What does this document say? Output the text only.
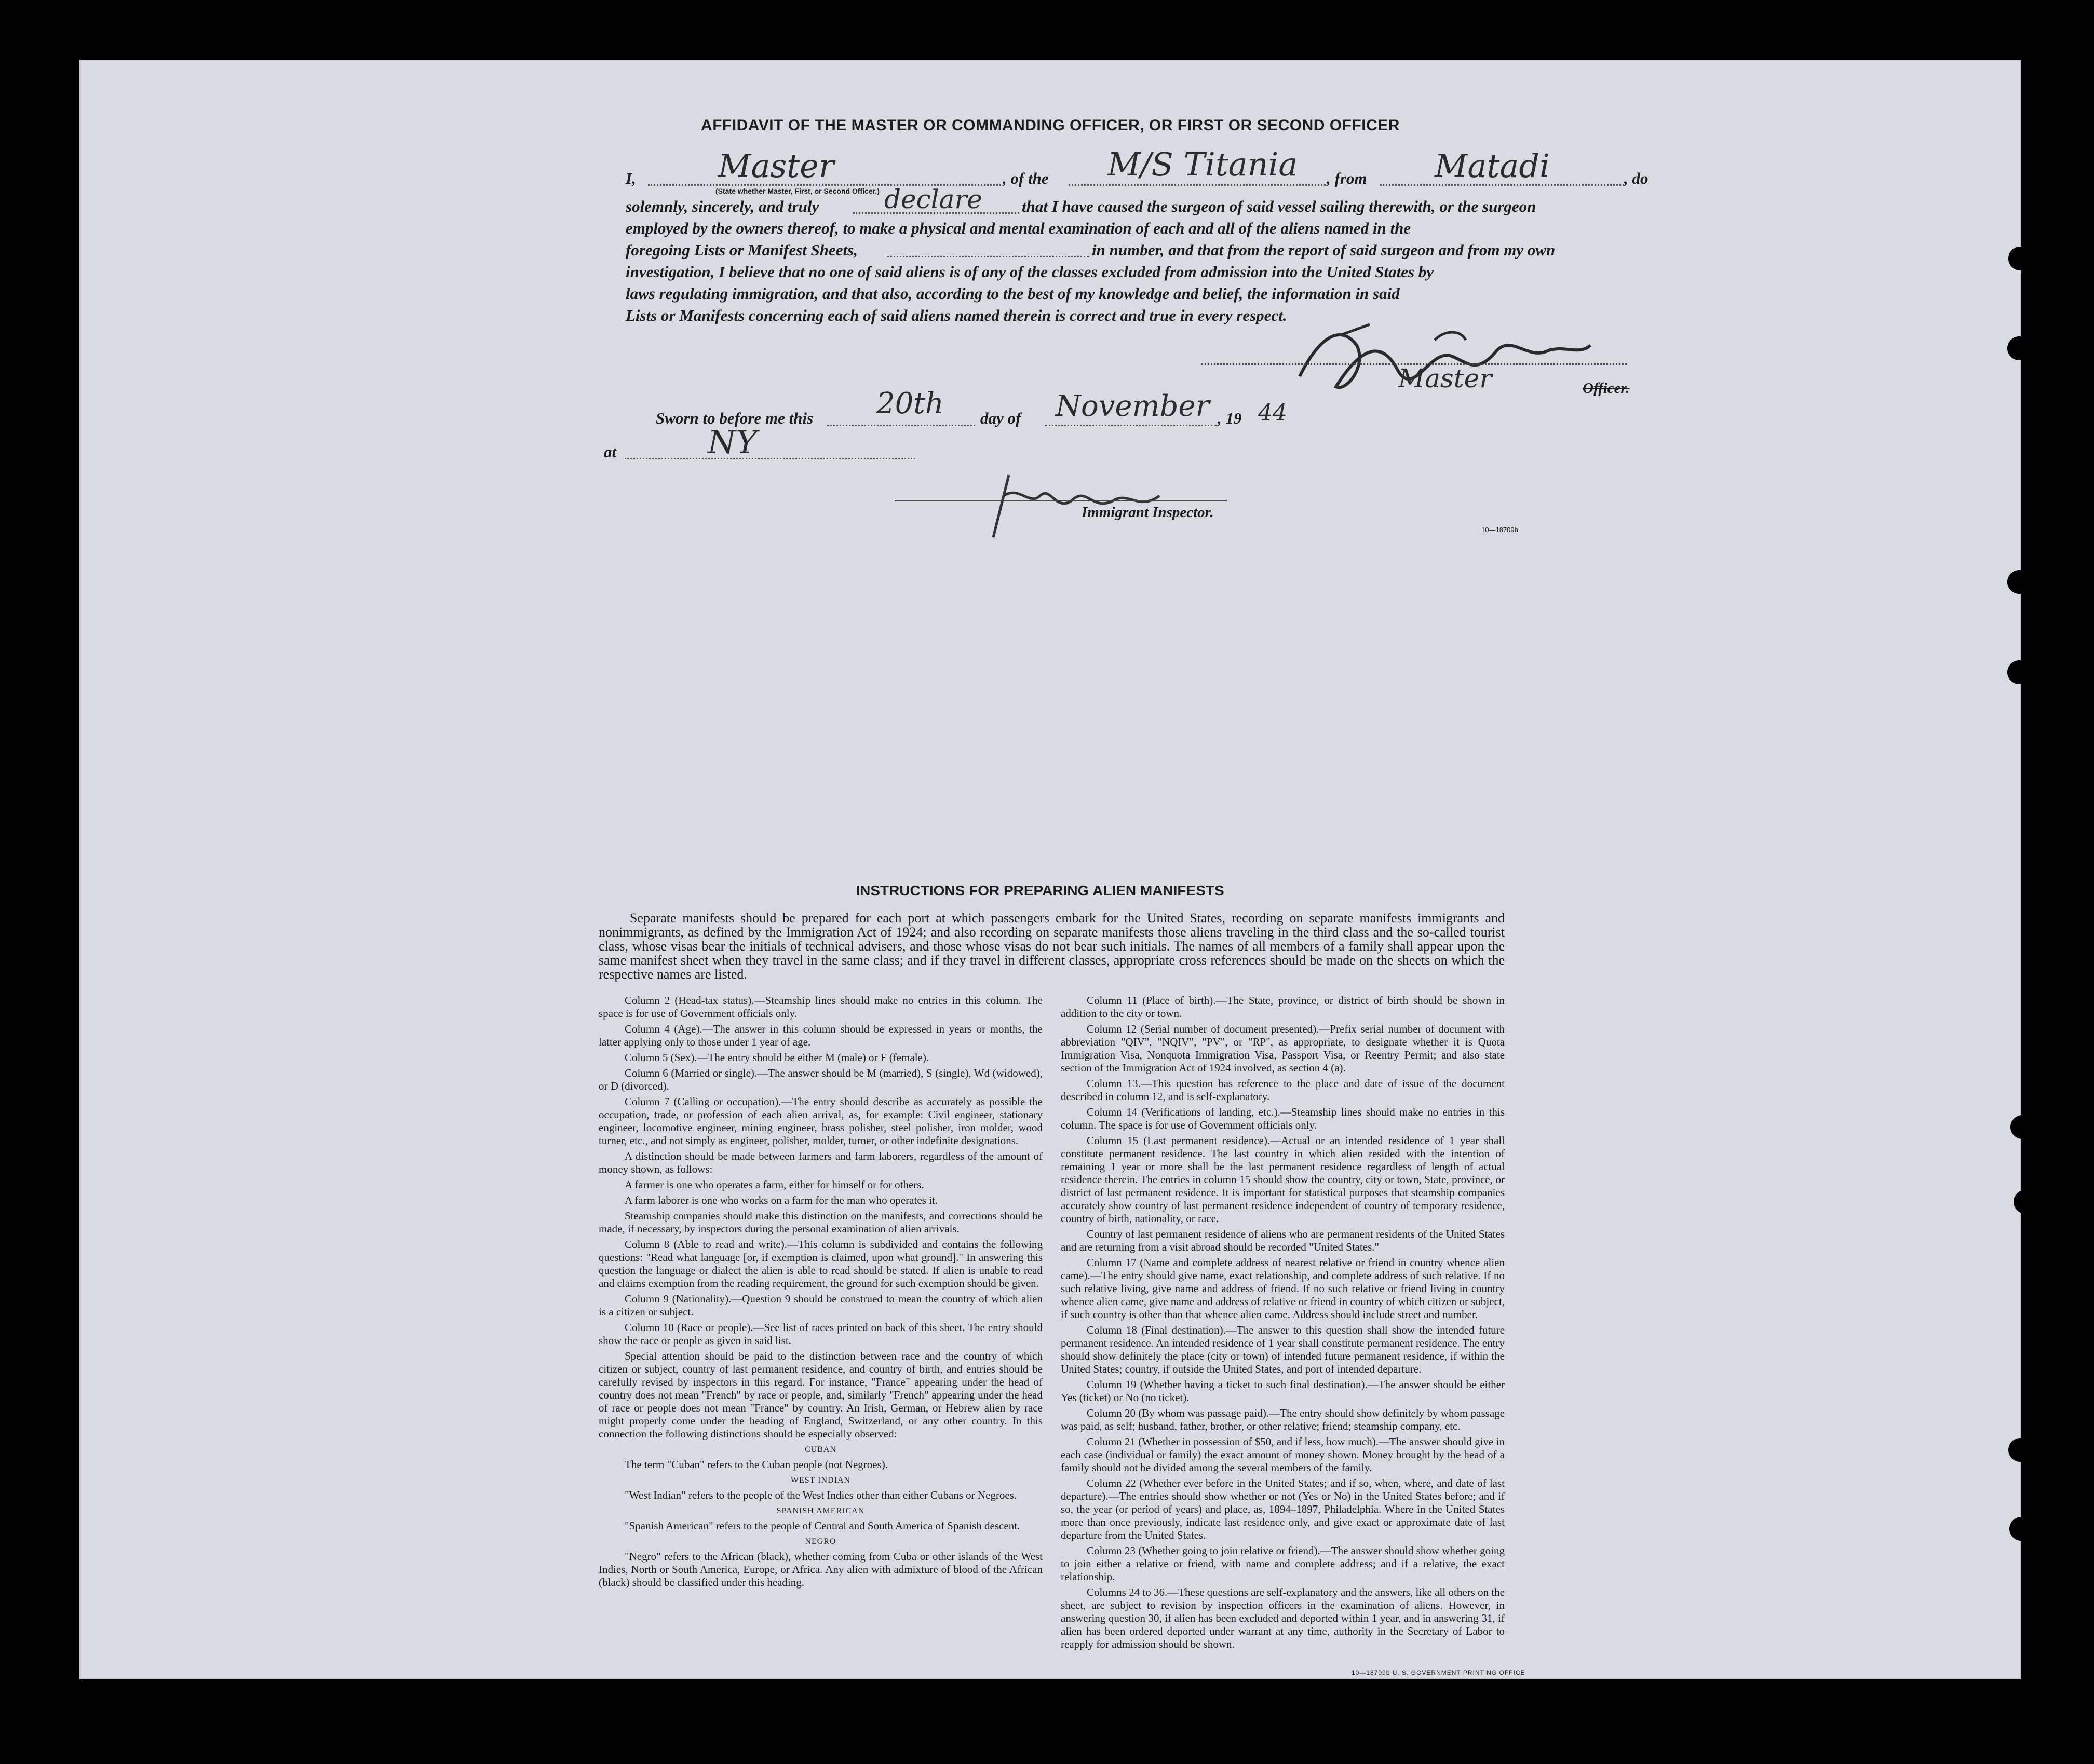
AFFIDAVIT OF THE MASTER OR COMMANDING OFFICER, OR FIRST OR SECOND OFFICER
I,	Master	, of the M/S Titania , from Matadi	, do
(State whether Master, First, or Second Officer.)
solemnly, sincerely, and truly	declare that I have caused the surgeon of said vessel sailing therewith, or the surgeon
employed by the owners thereof, to make a physical and mental examination of each and all of the aliens named in the
foregoing Lists or Manifest Sheets,	in number, and that from the report of said surgeon and from my own
investigation, I believe that no one of said aliens is of any of the classes excluded from admission into the United States by
laws regulating immigration, and that also, according to the best of my knowledge and belief, the information in said
Lists or Manifests concerning each of said aliens named therein is correct and true in every respect.
Master	Officer.
Sworn to before me this 20th day of November , 19 44
at	NY
Immigrant Inspector.
10—18709b
INSTRUCTIONS FOR PREPARING ALIEN MANIFESTS
Separate manifests should be prepared for each port at which passengers embark for the United States, recording on separate manifests immigrants and nonimmigrants, as defined by the Immigration Act of 1924; and also recording on separate manifests those aliens traveling in the third class and the so-called tourist class, whose visas bear the initials of technical advisers, and those whose visas do not bear such initials. The names of all members of a family shall appear upon the same manifest sheet when they travel in the same class; and if they travel in different classes, appropriate cross references should be made on the sheets on which the respective names are listed.

Column 2 (Head-tax status).—Steamship lines should make no entries in this column. The space is for use of Government officials only.

Column 4 (Age).—The answer in this column should be expressed in years or months, the latter applying only to those under 1 year of age.

Column 5 (Sex).—The entry should be either M (male) or F (female).

Column 6 (Married or single).—The answer should be M (married), S (single), Wd (widowed), or D (divorced).

Column 7 (Calling or occupation).—The entry should describe as accurately as possible the occupation, trade, or profession of each alien arrival, as, for example: Civil engineer, stationary engineer, locomotive engineer, mining engineer, brass polisher, steel polisher, iron molder, wood turner, etc., and not simply as engineer, polisher, molder, turner, or other indefinite designations.

A distinction should be made between farmers and farm laborers, regardless of the amount of money shown, as follows:

A farmer is one who operates a farm, either for himself or for others.

A farm laborer is one who works on a farm for the man who operates it.

Steamship companies should make this distinction on the manifests, and corrections should be made, if necessary, by inspectors during the personal examination of alien arrivals.

Column 8 (Able to read and write).—This column is subdivided and contains the following questions: "Read what language [or, if exemption is claimed, upon what ground]." In answering this question the language or dialect the alien is able to read should be stated. If alien is unable to read and claims exemption from the reading requirement, the ground for such exemption should be given.

Column 9 (Nationality).—Question 9 should be construed to mean the country of which alien is a citizen or subject.

Column 10 (Race or people).—See list of races printed on back of this sheet. The entry should show the race or people as given in said list.

Special attention should be paid to the distinction between race and the country of which citizen or subject, country of last permanent residence, and country of birth, and entries should be carefully revised by inspectors in this regard. For instance, "France" appearing under the head of country does not mean "French" by race or people, and, similarly "French" appearing under the head of race or people does not mean "France" by country. An Irish, German, or Hebrew alien by race might properly come under the heading of England, Switzerland, or any other country. In this connection the following distinctions should be especially observed:

CUBAN

The term "Cuban" refers to the Cuban people (not Negroes).

WEST INDIAN

"West Indian" refers to the people of the West Indies other than either Cubans or Negroes.

SPANISH AMERICAN

"Spanish American" refers to the people of Central and South America of Spanish descent.

NEGRO

"Negro" refers to the African (black), whether coming from Cuba or other islands of the West Indies, North or South America, Europe, or Africa. Any alien with admixture of blood of the African (black) should be classified under this heading.

Column 11 (Place of birth).—The State, province, or district of birth should be shown in addition to the city or town.

Column 12 (Serial number of document presented).—Prefix serial number of document with abbreviation "QIV", "NQIV", "PV", or "RP", as appropriate, to designate whether it is Quota Immigration Visa, Nonquota Immigration Visa, Passport Visa, or Reentry Permit; and also state section of the Immigration Act of 1924 involved, as section 4 (a).

Column 13.—This question has reference to the place and date of issue of the document described in column 12, and is self-explanatory.

Column 14 (Verifications of landing, etc.).—Steamship lines should make no entries in this column. The space is for use of Government officials only.

Column 15 (Last permanent residence).—Actual or an intended residence of 1 year shall constitute permanent residence. The last country in which alien resided with the intention of remaining 1 year or more shall be the last permanent residence regardless of length of actual residence therein. The entries in column 15 should show the country, city or town, State, province, or district of last permanent residence. It is important for statistical purposes that steamship companies accurately show country of last permanent residence independent of country of temporary residence, country of birth, nationality, or race.

Country of last permanent residence of aliens who are permanent residents of the United States and are returning from a visit abroad should be recorded "United States."

Column 17 (Name and complete address of nearest relative or friend in country whence alien came).—The entry should give name, exact relationship, and complete address of such relative. If no such relative living, give name and address of friend. If no such relative or friend living in country whence alien came, give name and address of relative or friend in country of which citizen or subject, if such country is other than that whence alien came. Address should include street and number.

Column 18 (Final destination).—The answer to this question shall show the intended future permanent residence. An intended residence of 1 year shall constitute permanent residence. The entry should show definitely the place (city or town) of intended future permanent residence, if within the United States; country, if outside the United States, and port of intended departure.

Column 19 (Whether having a ticket to such final destination).—The answer should be either Yes (ticket) or No (no ticket).

Column 20 (By whom was passage paid).—The entry should show definitely by whom passage was paid, as self; husband, father, brother, or other relative; friend; steamship company, etc.

Column 21 (Whether in possession of $50, and if less, how much).—The answer should give in each case (individual or family) the exact amount of money shown. Money brought by the head of a family should not be divided among the several members of the family.

Column 22 (Whether ever before in the United States; and if so, when, where, and date of last departure).—The entries should show whether or not (Yes or No) in the United States before; and if so, the year (or period of years) and place, as, 1894–1897, Philadelphia. Where in the United States more than once previously, indicate last residence only, and give exact or approximate date of last departure from the United States.

Column 23 (Whether going to join relative or friend).—The answer should show whether going to join either a relative or friend, with name and complete address; and if a relative, the exact relationship.

Columns 24 to 36.—These questions are self-explanatory and the answers, like all others on the sheet, are subject to revision by inspection officers in the examination of aliens. However, in answering question 30, if alien has been excluded and deported within 1 year, and in answering 31, if alien has been ordered deported under warrant at any time, authority in the Secretary of Labor to reapply for admission should be shown.

10—18709b U. S. GOVERNMENT PRINTING OFFICE
